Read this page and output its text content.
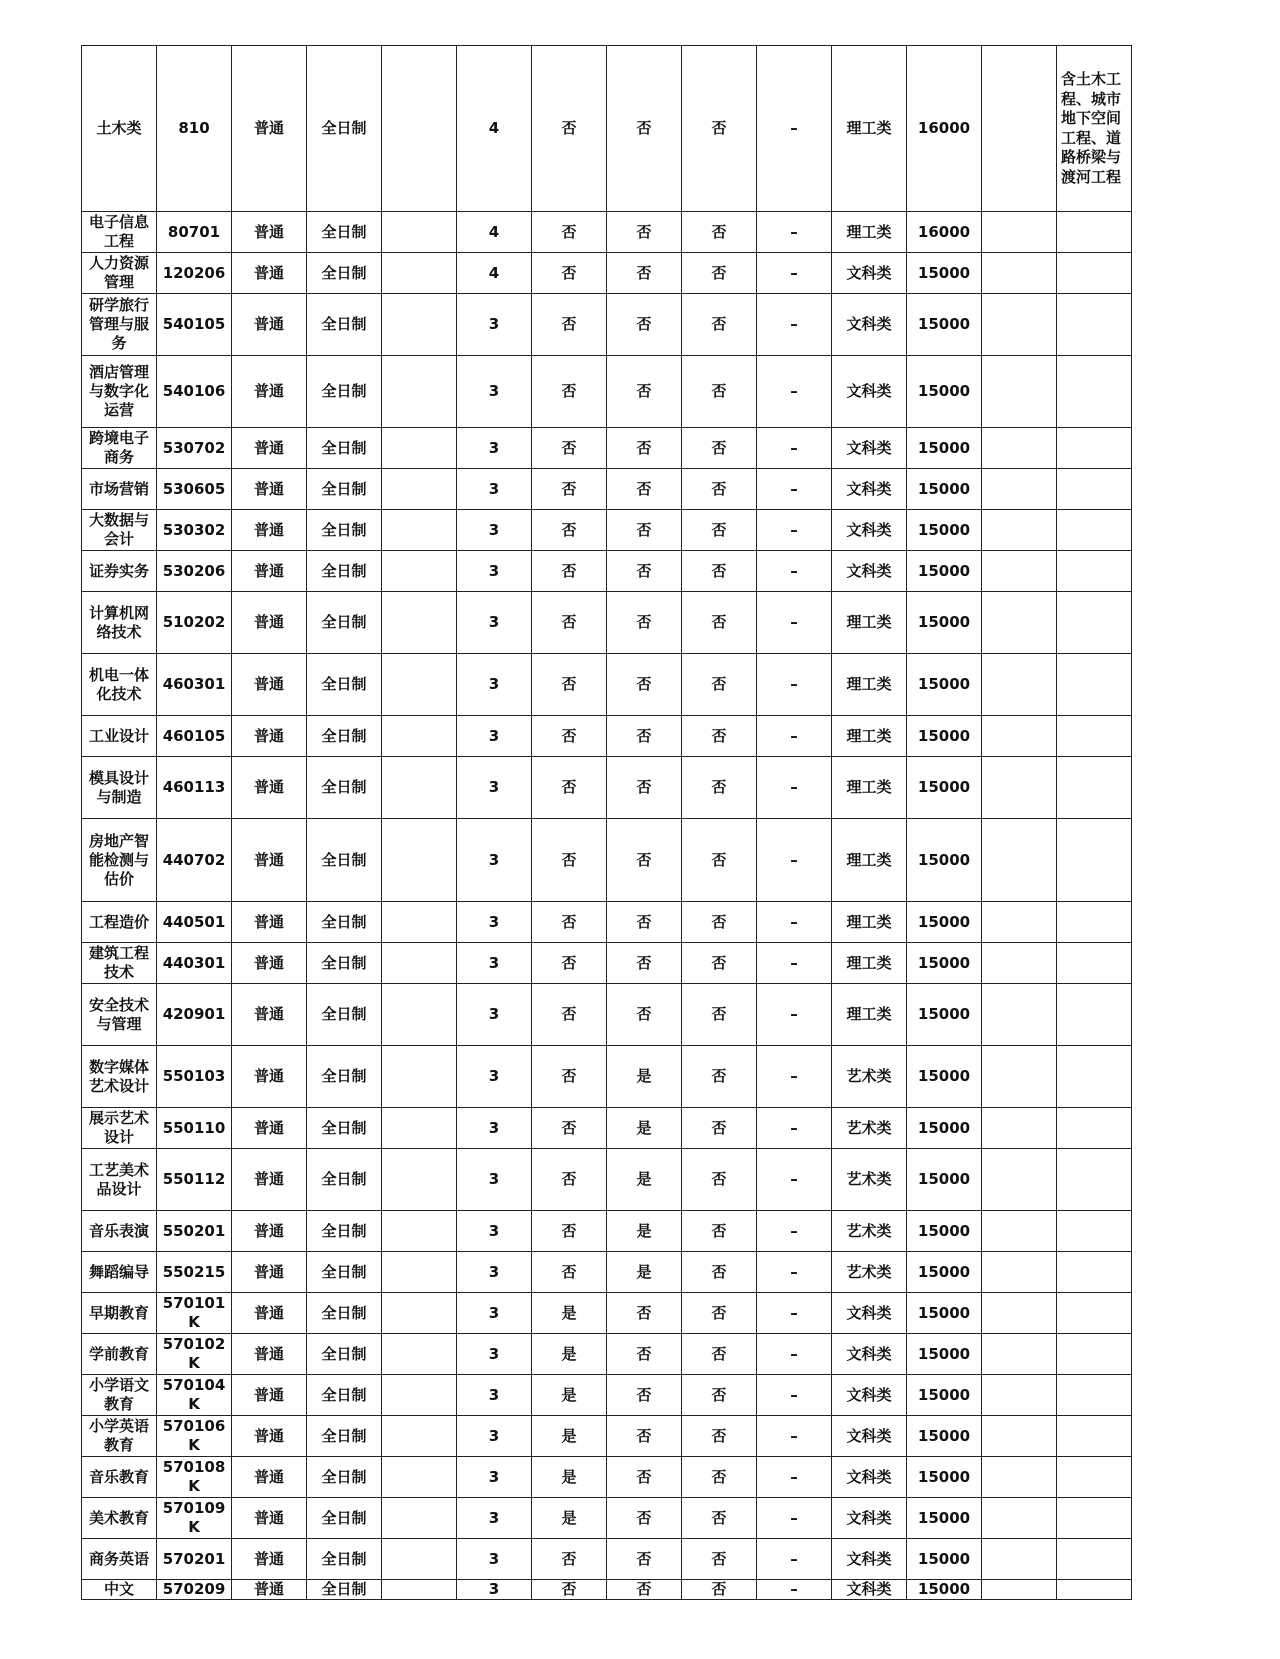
土木类	810	普通	全日制		4	否	否	否	–	理工类	16000		含土木工程、城市地下空间工程、道路桥梁与渡河工程
电子信息工程	80701	普通	全日制		4	否	否	否	–	理工类	16000		
人力资源管理	120206	普通	全日制		4	否	否	否	–	文科类	15000		
研学旅行管理与服务	540105	普通	全日制		3	否	否	否	–	文科类	15000		
酒店管理与数字化运营	540106	普通	全日制		3	否	否	否	–	文科类	15000		
跨境电子商务	530702	普通	全日制		3	否	否	否	–	文科类	15000		
市场营销	530605	普通	全日制		3	否	否	否	–	文科类	15000		
大数据与会计	530302	普通	全日制		3	否	否	否	–	文科类	15000		
证券实务	530206	普通	全日制		3	否	否	否	–	文科类	15000		
计算机网络技术	510202	普通	全日制		3	否	否	否	–	理工类	15000		
机电一体化技术	460301	普通	全日制		3	否	否	否	–	理工类	15000		
工业设计	460105	普通	全日制		3	否	否	否	–	理工类	15000		
模具设计与制造	460113	普通	全日制		3	否	否	否	–	理工类	15000		
房地产智能检测与估价	440702	普通	全日制		3	否	否	否	–	理工类	15000		
工程造价	440501	普通	全日制		3	否	否	否	–	理工类	15000		
建筑工程技术	440301	普通	全日制		3	否	否	否	–	理工类	15000		
安全技术与管理	420901	普通	全日制		3	否	否	否	–	理工类	15000		
数字媒体艺术设计	550103	普通	全日制		3	否	是	否	–	艺术类	15000		
展示艺术设计	550110	普通	全日制		3	否	是	否	–	艺术类	15000		
工艺美术品设计	550112	普通	全日制		3	否	是	否	–	艺术类	15000		
音乐表演	550201	普通	全日制		3	否	是	否	–	艺术类	15000		
舞蹈编导	550215	普通	全日制		3	否	是	否	–	艺术类	15000		
早期教育	570101K	普通	全日制		3	是	否	否	–	文科类	15000		
学前教育	570102K	普通	全日制		3	是	否	否	–	文科类	15000		
小学语文教育	570104K	普通	全日制		3	是	否	否	–	文科类	15000		
小学英语教育	570106K	普通	全日制		3	是	否	否	–	文科类	15000		
音乐教育	570108K	普通	全日制		3	是	否	否	–	文科类	15000		
美术教育	570109K	普通	全日制		3	是	否	否	–	文科类	15000		
商务英语	570201	普通	全日制		3	否	否	否	–	文科类	15000		
中文	570209	普通	全日制		3	否	否	否	–	文科类	15000		
